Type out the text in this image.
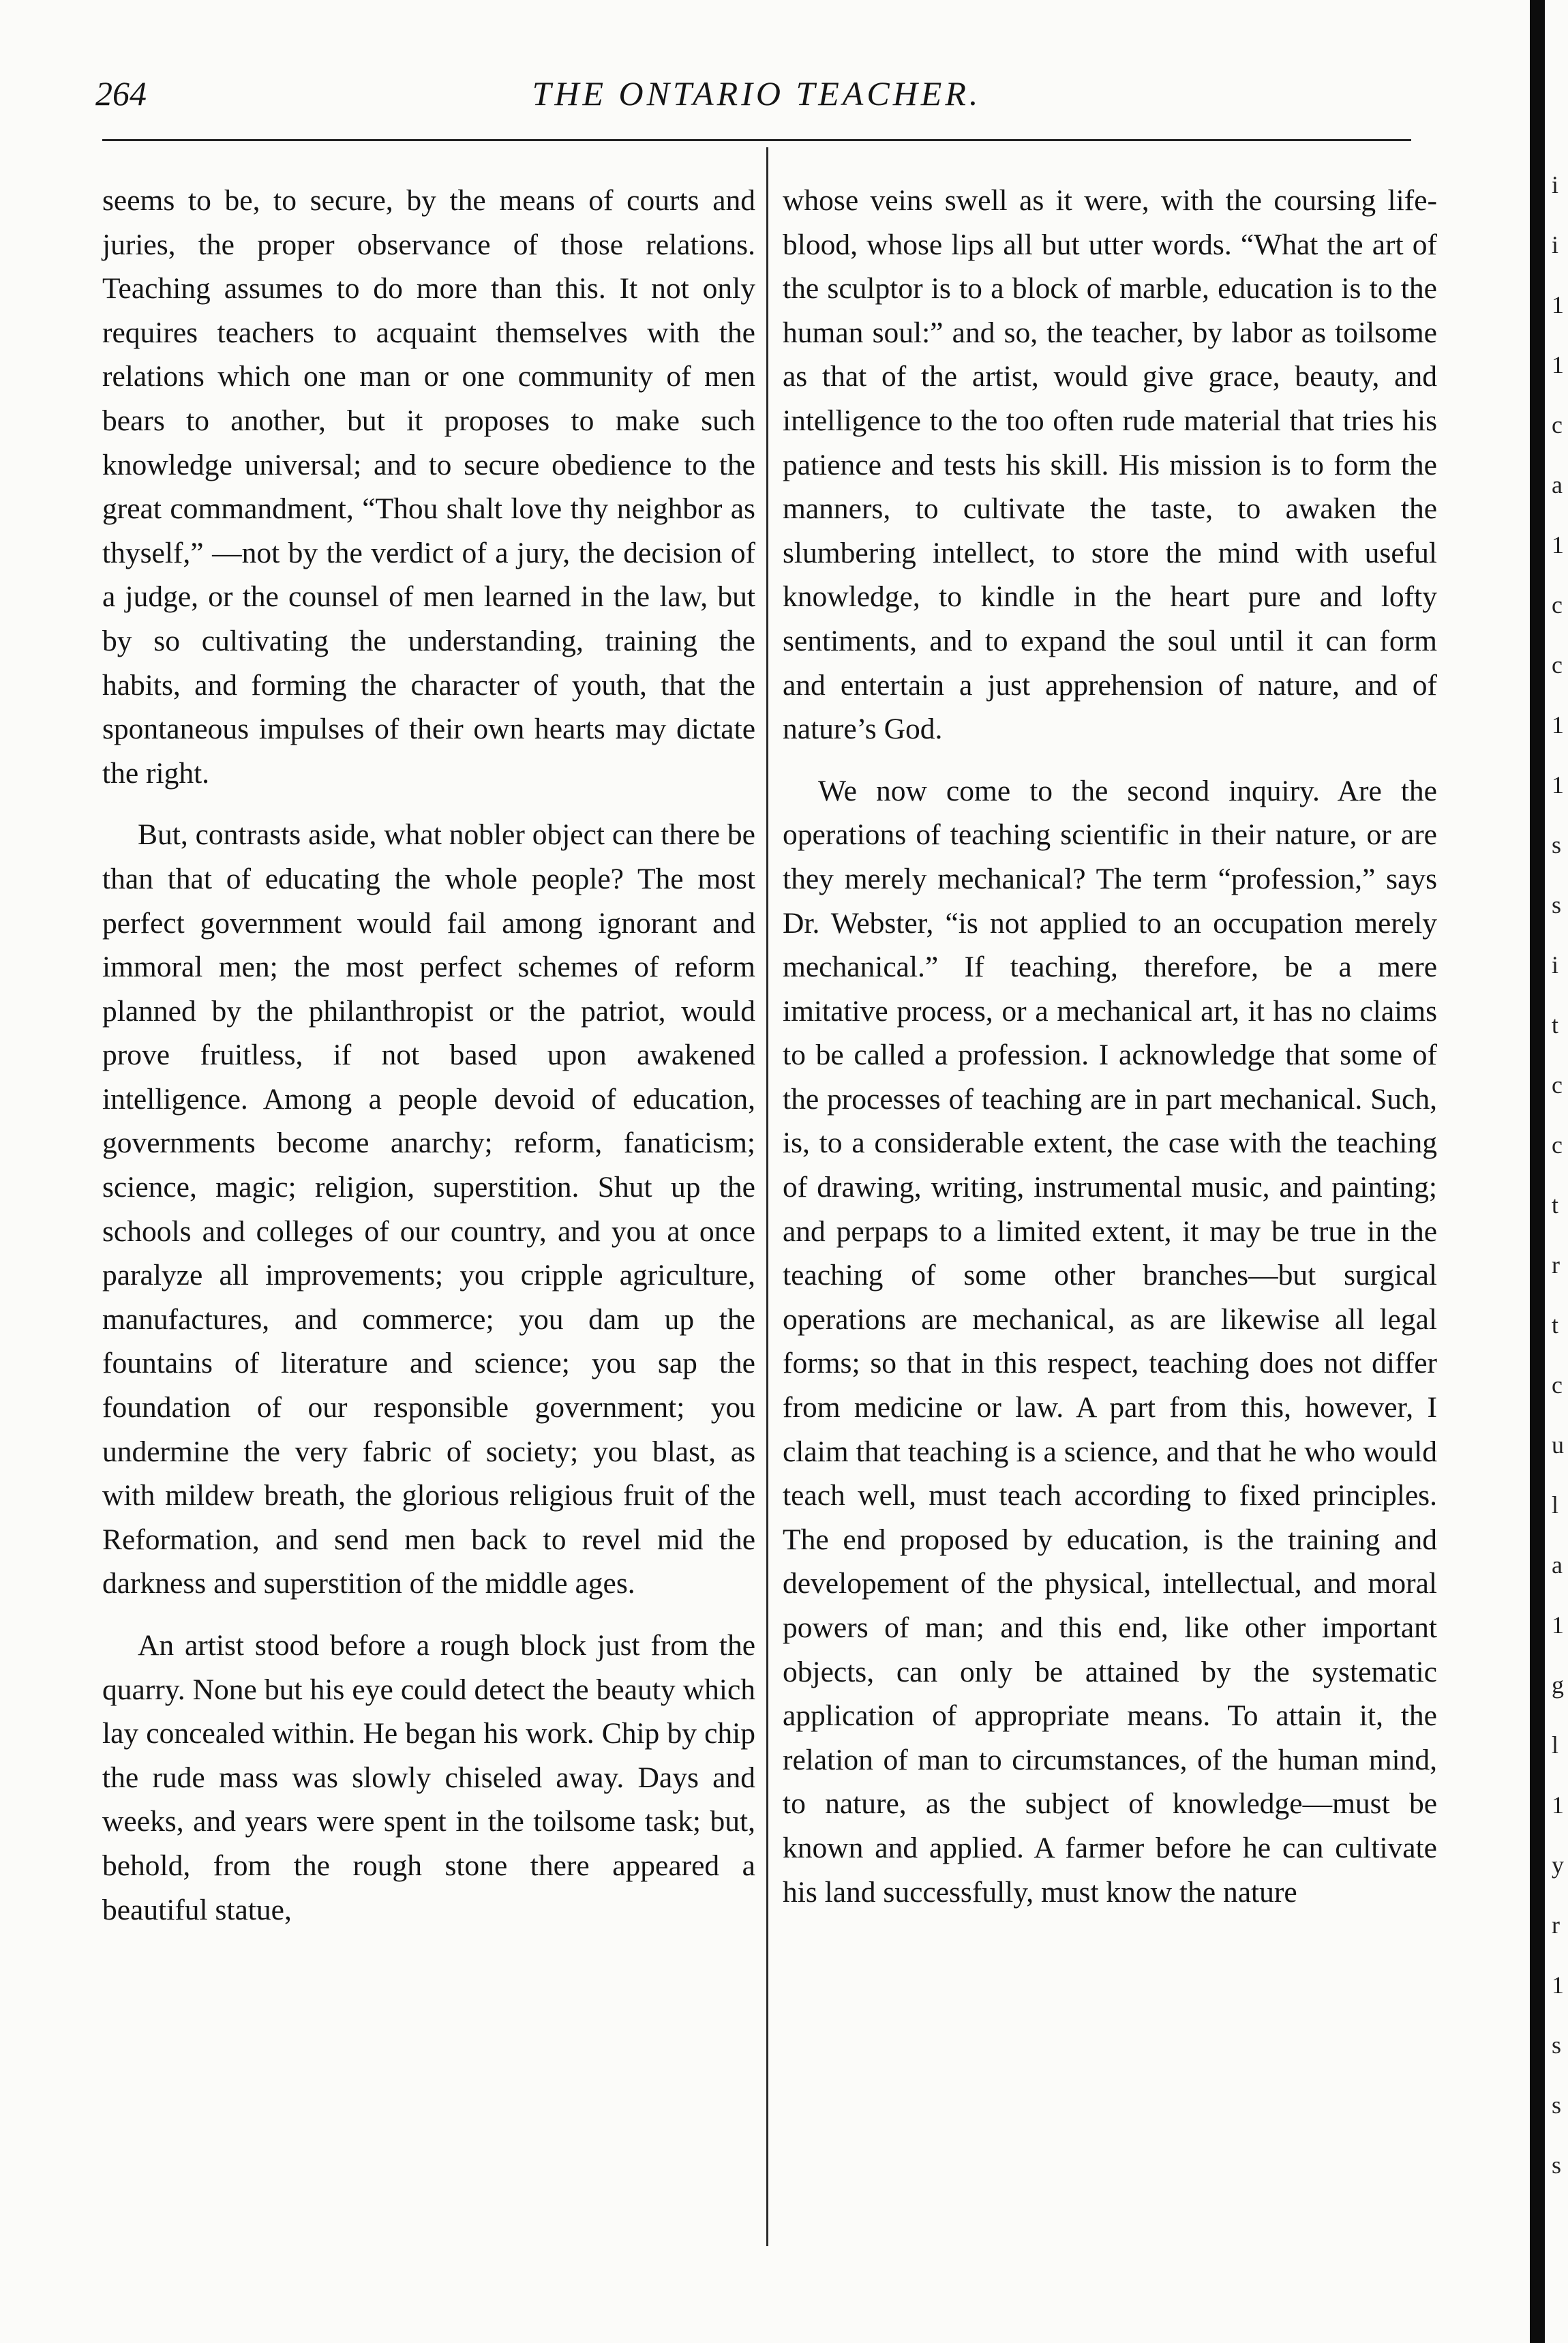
264	THE ONTARIO TEACHER.

seems to be, to secure, by the means of courts and juries, the proper observance of those relations. Teaching assumes to do more than this. It not only requires teachers to acquaint themselves with the relations which one man or one community of men bears to another, but it proposes to make such knowledge universal; and to secure obedience to the great commandment, “Thou shalt love thy neighbor as thyself,” —not by the verdict of a jury, the decision of a judge, or the counsel of men learned in the law, but by so cultivating the understanding, training the habits, and forming the character of youth, that the spontaneous impulses of their own hearts may dictate the right.

But, contrasts aside, what nobler object can there be than that of educating the whole people? The most perfect government would fail among ignorant and immoral men; the most perfect schemes of reform planned by the philanthropist or the patriot, would prove fruitless, if not based upon awakened intelligence. Among a people devoid of education, governments become anarchy; reform, fanaticism; science, magic; religion, superstition. Shut up the schools and colleges of our country, and you at once paralyze all improvements; you cripple agriculture, manufactures, and commerce; you dam up the fountains of literature and science; you sap the foundation of our responsible government; you undermine the very fabric of society; you blast, as with mildew breath, the glorious religious fruit of the Reformation, and send men back to revel mid the darkness and superstition of the middle ages.

An artist stood before a rough block just from the quarry. None but his eye could detect the beauty which lay concealed within. He began his work. Chip by chip the rude mass was slowly chiseled away. Days and weeks, and years were spent in the toilsome task; but, behold, from the rough stone there appeared a beautiful statue,

whose veins swell as it were, with the coursing life-blood, whose lips all but utter words. “What the art of the sculptor is to a block of marble, education is to the human soul:” and so, the teacher, by labor as toilsome as that of the artist, would give grace, beauty, and intelligence to the too often rude material that tries his patience and tests his skill. His mission is to form the manners, to cultivate the taste, to awaken the slumbering intellect, to store the mind with useful knowledge, to kindle in the heart pure and lofty sentiments, and to expand the soul until it can form and entertain a just apprehension of nature, and of nature’s God.

We now come to the second inquiry. Are the operations of teaching scientific in their nature, or are they merely mechanical? The term “profession,” says Dr. Webster, “is not applied to an occupation merely mechanical.” If teaching, therefore, be a mere imitative process, or a mechanical art, it has no claims to be called a profession. I acknowledge that some of the processes of teaching are in part mechanical. Such, is, to a considerable extent, the case with the teaching of drawing, writing, instrumental music, and painting; and perpaps to a limited extent, it may be true in the teaching of some other branches—but surgical operations are mechanical, as are likewise all legal forms; so that in this respect, teaching does not differ from medicine or law. A part from this, however, I claim that teaching is a science, and that he who would teach well, must teach according to fixed principles. The end proposed by education, is the training and developement of the physical, intellectual, and moral powers of man; and this end, like other important objects, can only be attained by the systematic application of appropriate means. To attain it, the relation of man to circumstances, of the human mind, to nature, as the subject of knowledge—must be known and applied. A farmer before he can cultivate his land successfully, must know the nature

i
i
1
1
c
a
1
c
c
1
1
s
s
i
t
c
c
t
r
t
c
u
l
a
1
g
l
1
y
r
1
s
s
s
